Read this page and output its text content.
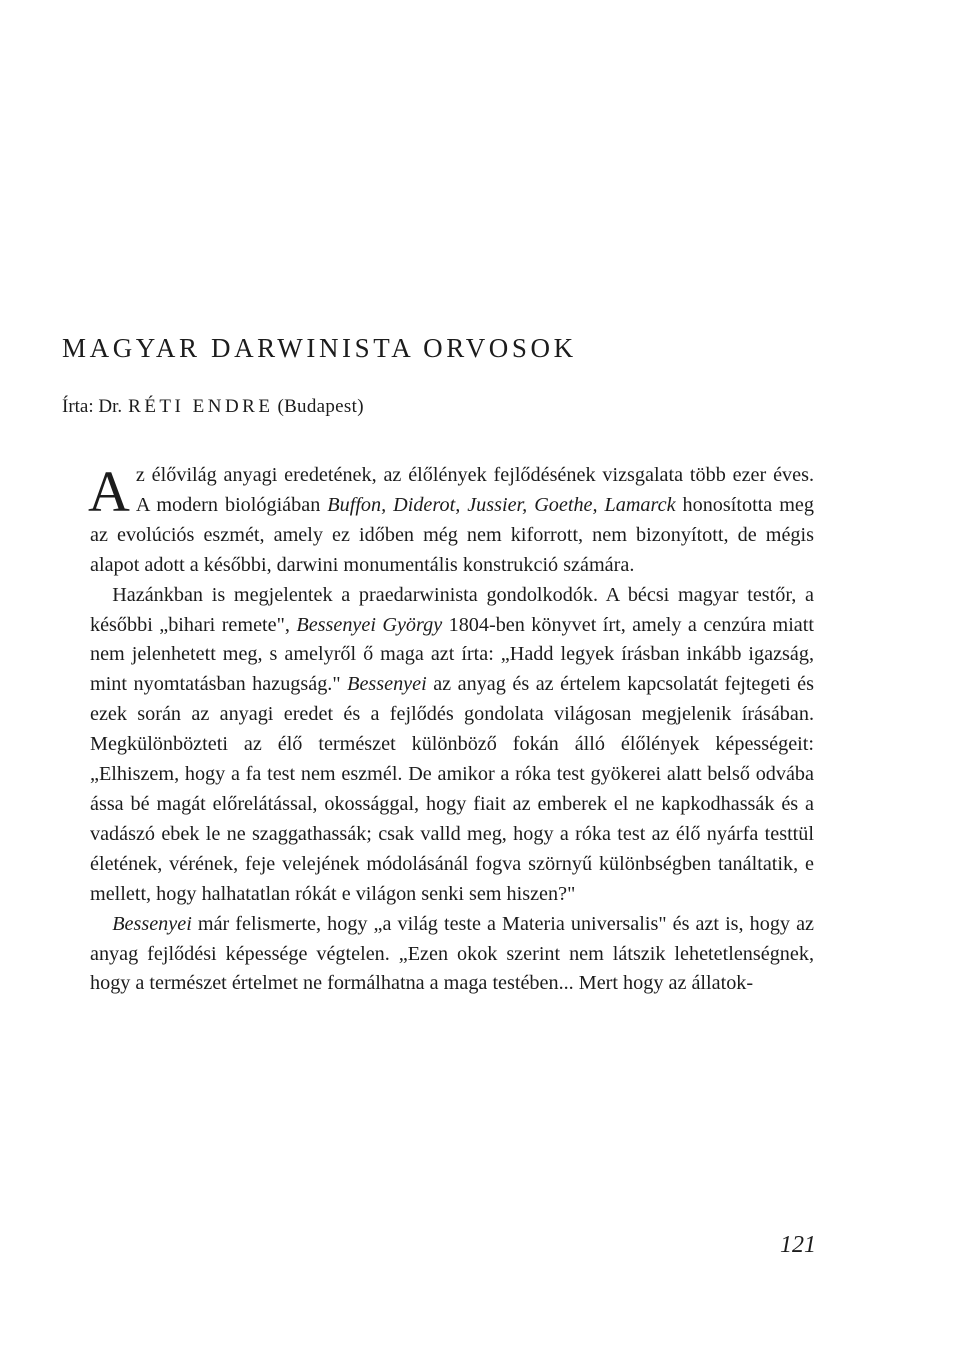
MAGYAR DARWINISTA ORVOSOK
Írta: Dr. RÉTI ENDRE (Budapest)

Az élővilág anyagi eredetének, az élőlények fejlődésének vizsgalata több ezer éves. A modern biológiában Buffon, Diderot, Jussier, Goethe, Lamarck honosította meg az evolúciós eszmét, amely ez időben még nem kiforrott, nem bizonyított, de mégis alapot adott a későbbi, darwini monumentális konstrukció számára.

Hazánkban is megjelentek a praedarwinista gondolkodók. A bécsi magyar testőr, a későbbi „bihari remete", Bessenyei György 1804-ben könyvet írt, amely a cenzúra miatt nem jelenhetett meg, s amelyről ő maga azt írta: „Hadd legyek írásban inkább igazság, mint nyomtatásban hazugság." Bessenyei az anyag és az értelem kapcsolatát fejtegeti és ezek során az anyagi eredet és a fejlődés gondolata világosan megjelenik írásában. Megkülönbözteti az élő természet különböző fokán álló élőlények képességeit: „Elhiszem, hogy a fa test nem eszmél. De amikor a róka test gyökerei alatt belső odvába ássa bé magát előrelátással, okossággal, hogy fiait az emberek el ne kapkodhassák és a vadászó ebek le ne szaggathassák; csak valld meg, hogy a róka test az élő nyárfa testtül életének, vérének, feje velejének módolásánál fogva szörnyű különbségben tanáltatik, e mellett, hogy halhatatlan rókát e világon senki sem hiszen?"

Bessenyei már felismerte, hogy „a világ teste a Materia universalis" és azt is, hogy az anyag fejlődési képessége végtelen. „Ezen okok szerint nem látszik lehetetlenségnek, hogy a természet értelmet ne formálhatna a maga testében... Mert hogy az állatok-

121
